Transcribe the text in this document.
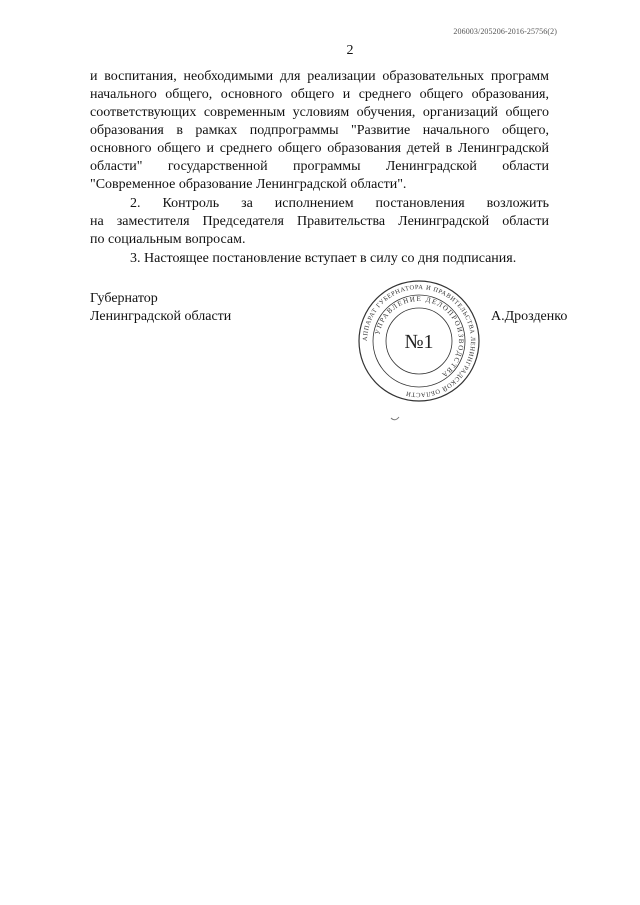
206003/205206-2016-25756(2)
2
и воспитания, необходимыми для реализации образовательных программ
начального общего, основного общего и среднего общего образования,
соответствующих современным условиям обучения, организаций общего
образования в рамках подпрограммы "Развитие начального общего,
основного общего и среднего общего образования детей в Ленинградской
области" государственной программы Ленинградской области
"Современное образование Ленинградской области".
2. Контроль за исполнением постановления возложить
на заместителя Председателя Правительства Ленинградской области
по социальным вопросам.
3. Настоящее постановление вступает в силу со дня подписания.
Губернатор
Ленинградской области	А.Дрозденко
АППАРАТ ГУБЕРНАТОРА И ПРАВИТЕЛЬСТВА ЛЕНИНГРАДСКОЙ ОБЛАСТИ
УПРАВЛЕНИЕ ДЕЛОПРОИЗВОДСТВА
№1
